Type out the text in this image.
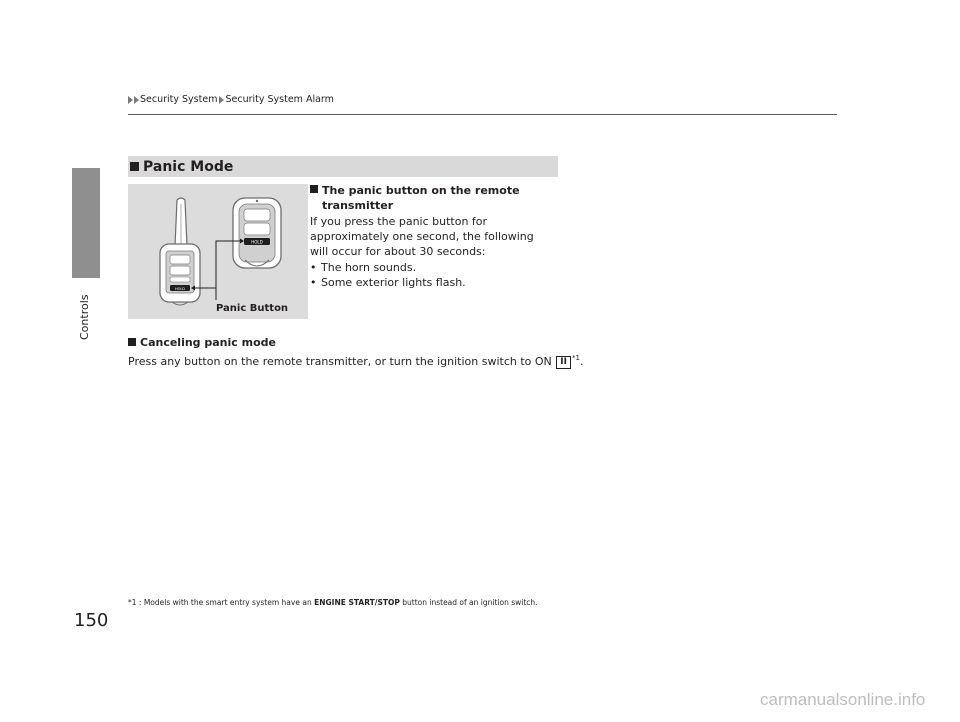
Controls
150
Security System Security System Alarm
Panic Mode
HOLD
HOLD
Panic Button
The panic button on the remote transmitter
If you press the panic button for approximately one second, the following will occur for about 30 seconds:
• The horn sounds.
• Some exterior lights flash.
Canceling panic mode
Press any button on the remote transmitter, or turn the ignition switch to ON II $^{*1}$.
*1 : Models with the smart entry system have an ENGINE START/STOP button instead of an ignition switch.
carmanualsonline.info
